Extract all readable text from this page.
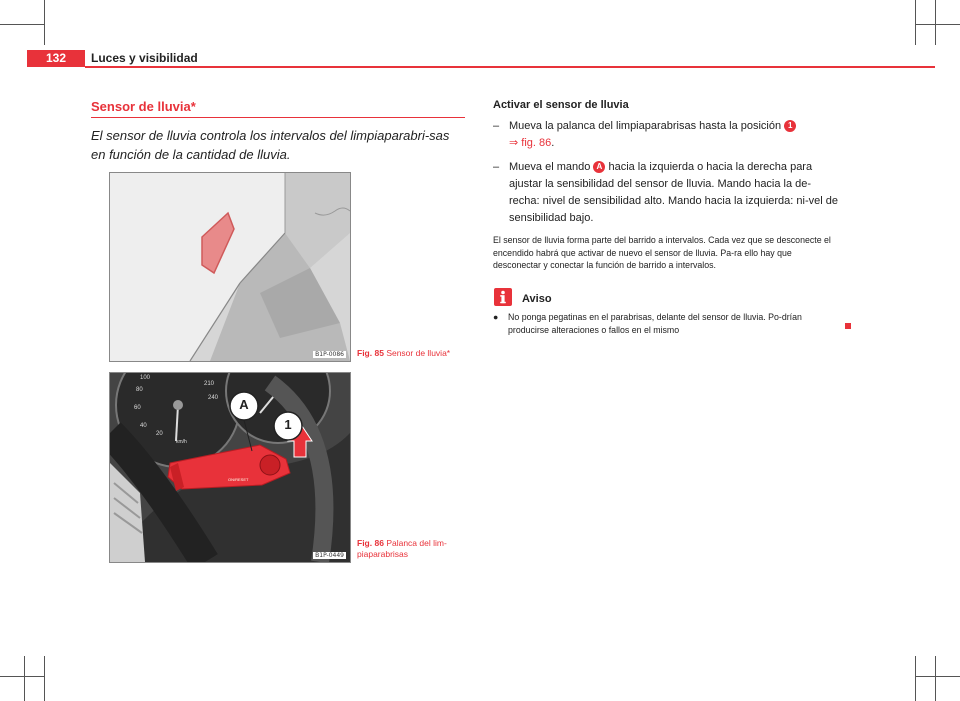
132	Luces y visibilidad
Sensor de lluvia*
El sensor de lluvia controla los intervalos del limpiaparabri-sas en función de la cantidad de lluvia.
B1P-0086 Fig. 85 Sensor de lluvia*
100
80
60
40
20
210
240
km/h
A
1
ON/RESET
B1P-0449
Fig. 86 Palanca del lim-piaparabrisas
Activar el sensor de lluvia
– Mueva la palanca del limpiaparabrisas hasta la posición 1
⇒ fig. 86.
– Mueva el mando A hacia la izquierda o hacia la derecha para ajustar la sensibilidad del sensor de lluvia. Mando hacia la de-recha: nivel de sensibilidad alto. Mando hacia la izquierda: ni-vel de sensibilidad bajo.
El sensor de lluvia forma parte del barrido a intervalos. Cada vez que se desconecte el encendido habrá que activar de nuevo el sensor de lluvia. Pa-ra ello hay que desconectar y conectar la función de barrido a intervalos.
Aviso
● No ponga pegatinas en el parabrisas, delante del sensor de lluvia. Po-drían producirse alteraciones o fallos en el mismo
